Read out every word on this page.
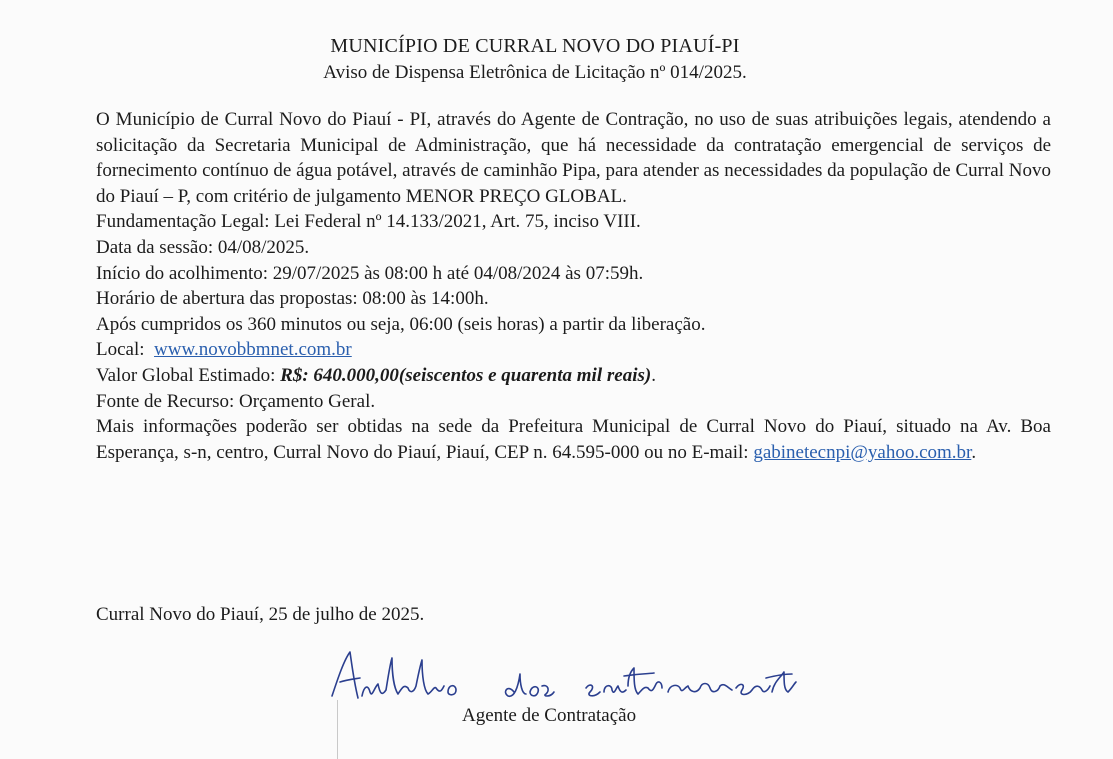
MUNICÍPIO DE CURRAL NOVO DO PIAUÍ-PI
Aviso de Dispensa Eletrônica de Licitação nº 014/2025.
O Município de Curral Novo do Piauí - PI, através do Agente de Contração, no uso de suas atribuições legais, atendendo a solicitação da Secretaria Municipal de Administração, que há necessidade da contratação emergencial de serviços de fornecimento contínuo de água potável, através de caminhão Pipa, para atender as necessidades da população de Curral Novo do Piauí – P, com critério de julgamento MENOR PREÇO GLOBAL.
Fundamentação Legal: Lei Federal nº 14.133/2021, Art. 75, inciso VIII.
Data da sessão: 04/08/2025.
Início do acolhimento: 29/07/2025 às 08:00 h até 04/08/2024 às 07:59h.
Horário de abertura das propostas: 08:00 às 14:00h.
Após cumpridos os 360 minutos ou seja, 06:00 (seis horas) a partir da liberação.
Local: www.novobbmnet.com.br
Valor Global Estimado: R$: 640.000,00(seiscentos e quarenta mil reais).
Fonte de Recurso: Orçamento Geral.
Mais informações poderão ser obtidas na sede da Prefeitura Municipal de Curral Novo do Piauí, situado na Av. Boa Esperança, s-n, centro, Curral Novo do Piauí, Piauí, CEP n. 64.595-000 ou no E-mail: gabinetecnpi@yahoo.com.br.
Curral Novo do Piauí, 25 de julho de 2025.
Agente de Contratação
